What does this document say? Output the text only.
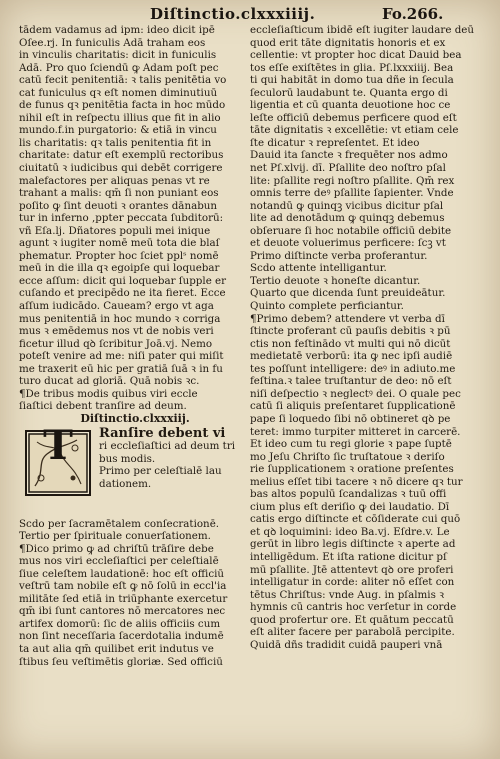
Diſtinctio.clxxxiiij.	Fo.266.
tādem vadamus ad ipm: ideo dicit ipē
Oſee.rj. In funiculis Adā traham eos
in vinculis charitatis: dicit in funiculis
Adā. Pro quo ſciendū ꝙ Adam poſt pec
catū fecit penitentiā: ꝛ talis penitētia vo
cat funiculus qꝛ eſt nomen diminutiuū
de funus qꝛ penitētia facta in hoc mūdo
nihil eſt in reſpectu illius que fit in alio
mundo.f.in purgatorio: & etiā in vincu
lis charitatis: qꝛ talis penitentia fit in
charitate: datur eſt exemplū rectoribus
ciuitatū ꝛ iudicibus qui debēt corrigere
malefactores per aliquas penas vt re
trahant a malis: qm̄ ſi non puniant eos
poſito ꝙ ſint deuoti ꝛ orantes dānabun
tur in inferno ,ppter peccata ſubditorū:
vñ Eſa.lj. Dñatores populi mei inique
agunt ꝛ iugiter nomē meū tota die blaſ
phematur. Propter hoc ſciet pplˢ nomē
meū in die illa qꝛ egoipſe qui loquebar
ecce aſſum: dicit qui loquebar ſupple er
cuſando et precipēdo ne ita fieret. Ecce
aſſum iudicādo. Caueam? ergo vt aga
mus penitentiā in hoc mundo ꝛ corriga
mus ꝛ emēdemus nos vt de nobis veri
ficetur illud qꝺ ſcribitur Joā.vj. Nemo
poteſt venire ad me: niſi pater qui miſit
me traxerit eū hic per gratiā ſuā ꝛ in fu
turo ducat ad gloriā. Quā nobis ꝛc.
¶De tribus modis quibus viri eccle
ſiaſtici debent tranſire ad deum.
Diſtinctio.clxxxiij.
T	Ranſire debent vi
ri eccleſiaſtici ad deum tri
bus modis.
Primo per celeſtialē lau
dationem.
Scdo per ſacramētalem conſecrationē.
Tertio per ſpirituale conuerſationem.
¶Dico primo ꝙ ad chriſtū trāſire debe
mus nos viri eccleſiaſtici per celeſtialē
ſiue celeſtem laudationē: hoc eſt officiū
veſtrū tam nobile eſt ꝙ nō ſolū in eccl'ia
militāte ſed etiā in triūphante exercetur
qm̄ ibi ſunt cantores nō mercatores nec
artifex domorū: ſic de aliis officiis cum
non ſint neceſſaria ſacerdotalia indumē
ta aut alia qm̄ quilibet erit indutus ve
ſtibus ſeu veſtimētis gloriæ. Sed officiū
eccleſiaſticum ibidē eſt iugiter laudare deū
quod erit tāte dignitatis honoris et ex
cellentie: vt propter hoc dicat Dauid bea
tos eſſe exiſtētes in glia. Pſ.lxxxiiij. Bea
ti qui habitāt in domo tua dñe in ſecula
ſeculorū laudabunt te. Quanta ergo di
ligentia et cū quanta deuotione hoc ce
leſte officiū debemus perficere quod eſt
tāte dignitatis ꝛ excellētie: vt etiam cele
ſte dicatur ꝛ repreſentet. Et ideo
Dauid ita ſancte ꝛ frequēter nos admo
net Pſ.xlvij. dī. Pſallite deo noſtro pſal
lite: pſallite regi noſtro pſallite. Qm̄ rex
omnis terre deꝰ pſallite ſapienter. Vnde
notandū ꝙ quinqꝫ vicibus dicitur pſal
lite ad denotādum ꝙ quinqꝫ debemus
obſeruare ſi hoc notabile officiū debite
et deuote voluerimus perficere: ſcꝫ vt
Primo diſtincte verba proferantur.
Scdo attente intelligantur.
Tertio deuote ꝛ honeſte dicantur.
Quarto que dicenda ſunt preuideātur.
Quinto complete perficiantur.
¶Primo debem? attendere vt verba dī
ſtincte proferant cū pauſis debitis ꝛ pū
ctis non feſtinādo vt multi qui nō dicūt
medietatē verborū: ita ꝙ nec ipſi audiē
tes poſſunt intelligere: deꝰ in adiuto.me
feſtina.ꝛ talee truſtantur de deo: nō eſt
niſi deſpectio ꝛ neglectꝰ dei. O quale pec
catū ſi aliquis preſentaret ſupplicationē
pape ſi loquedo ſibi nō obtineret qꝺ pe
teret: immo turpiter mitteret in carcerē.
Et ideo cum tu regi glorie ꝛ pape ſuptē
mo Jeſu Chriſto ſic truſtatoue ꝛ deriſo
rie ſupplicationem ꝛ oratione preſentes
melius eſſet tibi tacere ꝛ nō dicere qꝛ tur
bas altos populū ſcandalizas ꝛ tuū offi
cium plus eſt deriſio ꝙ dei laudatio. Dī
catis ergo diſtincte et cōſiderate cui quō
et qꝺ loquimini: ideo Ba.vj. Eſdre.v. Le
gerūt in libro legis diſtincte ꝛ aperte ad
intelligēdum. Et iſta ratione dicitur pſ
mū pſallite. Jtē attentevt qꝺ ore proferi
intelligatur in corde: aliter nō eſſet con
tētus Chriſtus: vnde Aug. in pſalmis ꝛ
hymnis cū cantris hoc verſetur in corde
quod profertur ore. Et quātum peccatū
eſt aliter facere per parabolā percipite.
Quidā dñs tradidit cuidā pauperi vnā
